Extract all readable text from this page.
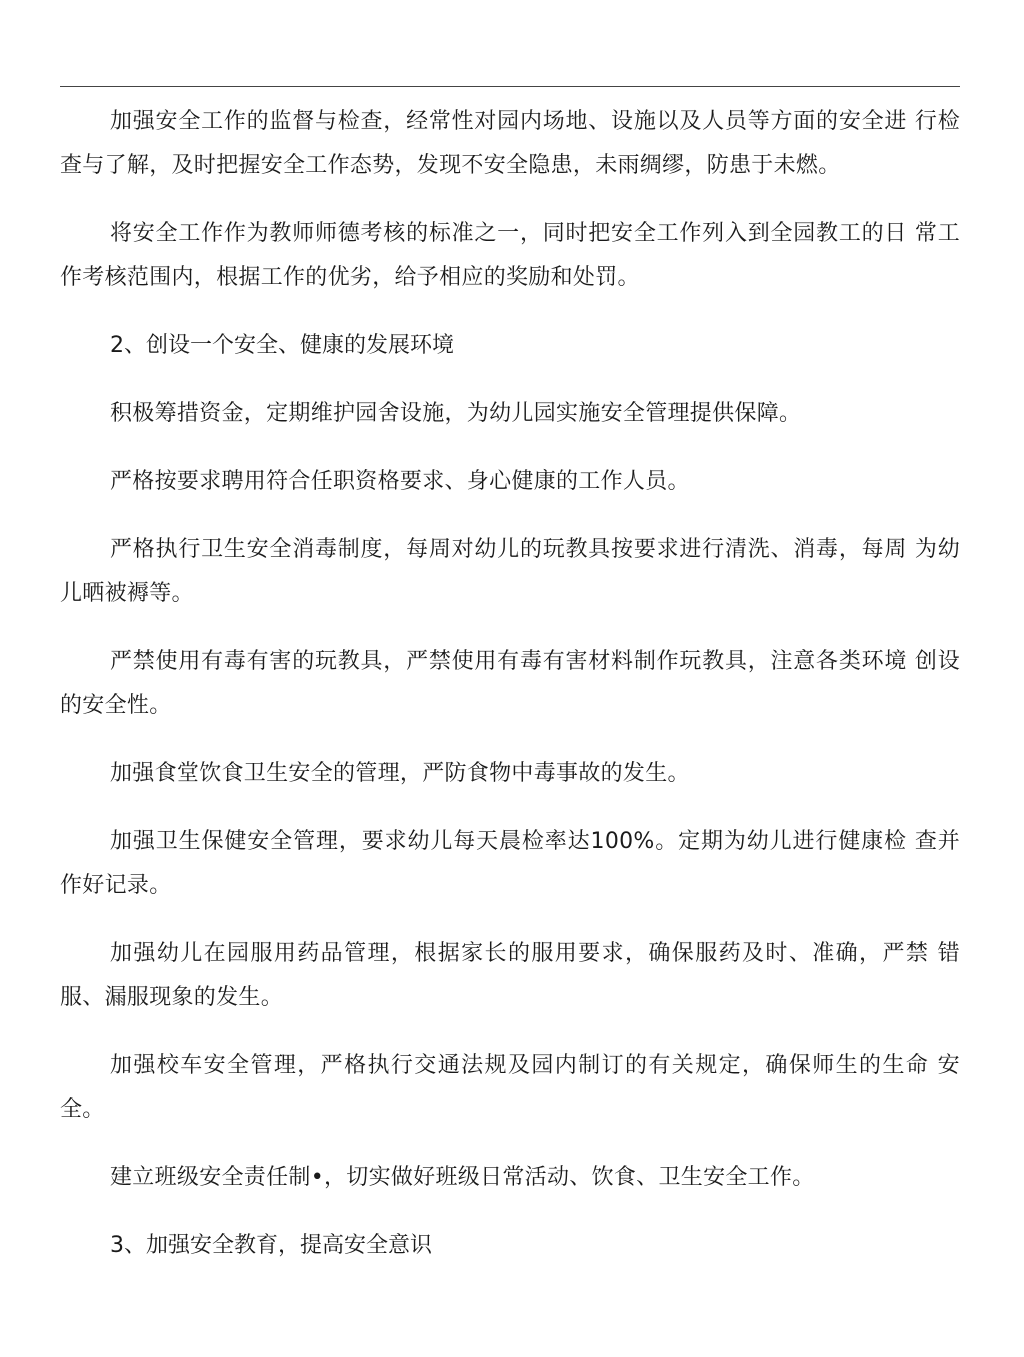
加强安全工作的监督与检查，经常性对园内场地、设施以及人员等方面的安全进 行检查与了解，及时把握安全工作态势，发现不安全隐患，未雨绸缪，防患于未燃。

将安全工作作为教师师德考核的标准之一，同时把安全工作列入到全园教工的日 常工作考核范围内，根据工作的优劣，给予相应的奖励和处罚。

2、创设一个安全、健康的发展环境

积极筹措资金，定期维护园舍设施，为幼儿园实施安全管理提供保障。

严格按要求聘用符合任职资格要求、身心健康的工作人员。

严格执行卫生安全消毒制度，每周对幼儿的玩教具按要求进行清洗、消毒，每周 为幼儿晒被褥等。

严禁使用有毒有害的玩教具，严禁使用有毒有害材料制作玩教具，注意各类环境 创设的安全性。

加强食堂饮食卫生安全的管理，严防食物中毒事故的发生。

加强卫生保健安全管理，要求幼儿每天晨检率达100%。定期为幼儿进行健康检 查并作好记录。

加强幼儿在园服用药品管理，根据家长的服用要求，确保服药及时、准确，严禁 错服、漏服现象的发生。

加强校车安全管理，严格执行交通法规及园内制订的有关规定，确保师生的生命 安全。

建立班级安全责任制•，切实做好班级日常活动、饮食、卫生安全工作。

3、加强安全教育，提高安全意识
